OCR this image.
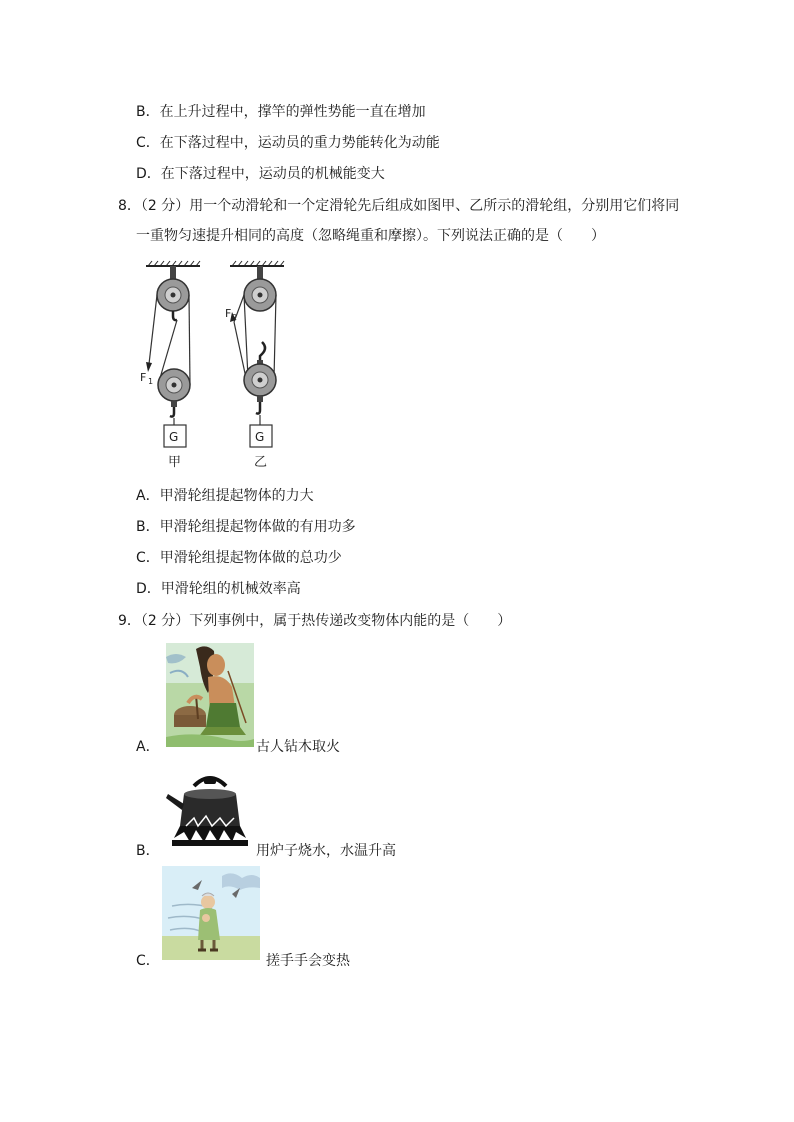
B．在上升过程中，撑竿的弹性势能一直在增加
C．在下落过程中，运动员的重力势能转化为动能
D．在下落过程中，运动员的机械能变大
8．（2 分）用一个动滑轮和一个定滑轮先后组成如图甲、乙所示的滑轮组，分别用它们将同
一重物匀速提升相同的高度（忽略绳重和摩擦）。下列说法正确的是（　　）
F 1
G
甲
F 2
G
乙
A．甲滑轮组提起物体的力大
B．甲滑轮组提起物体做的有用功多
C．甲滑轮组提起物体做的总功少
D．甲滑轮组的机械效率高
9．（2 分）下列事例中，属于热传递改变物体内能的是（　　）
A．	古人钻木取火
B．	用炉子烧水，水温升高
C．	搓手手会变热
